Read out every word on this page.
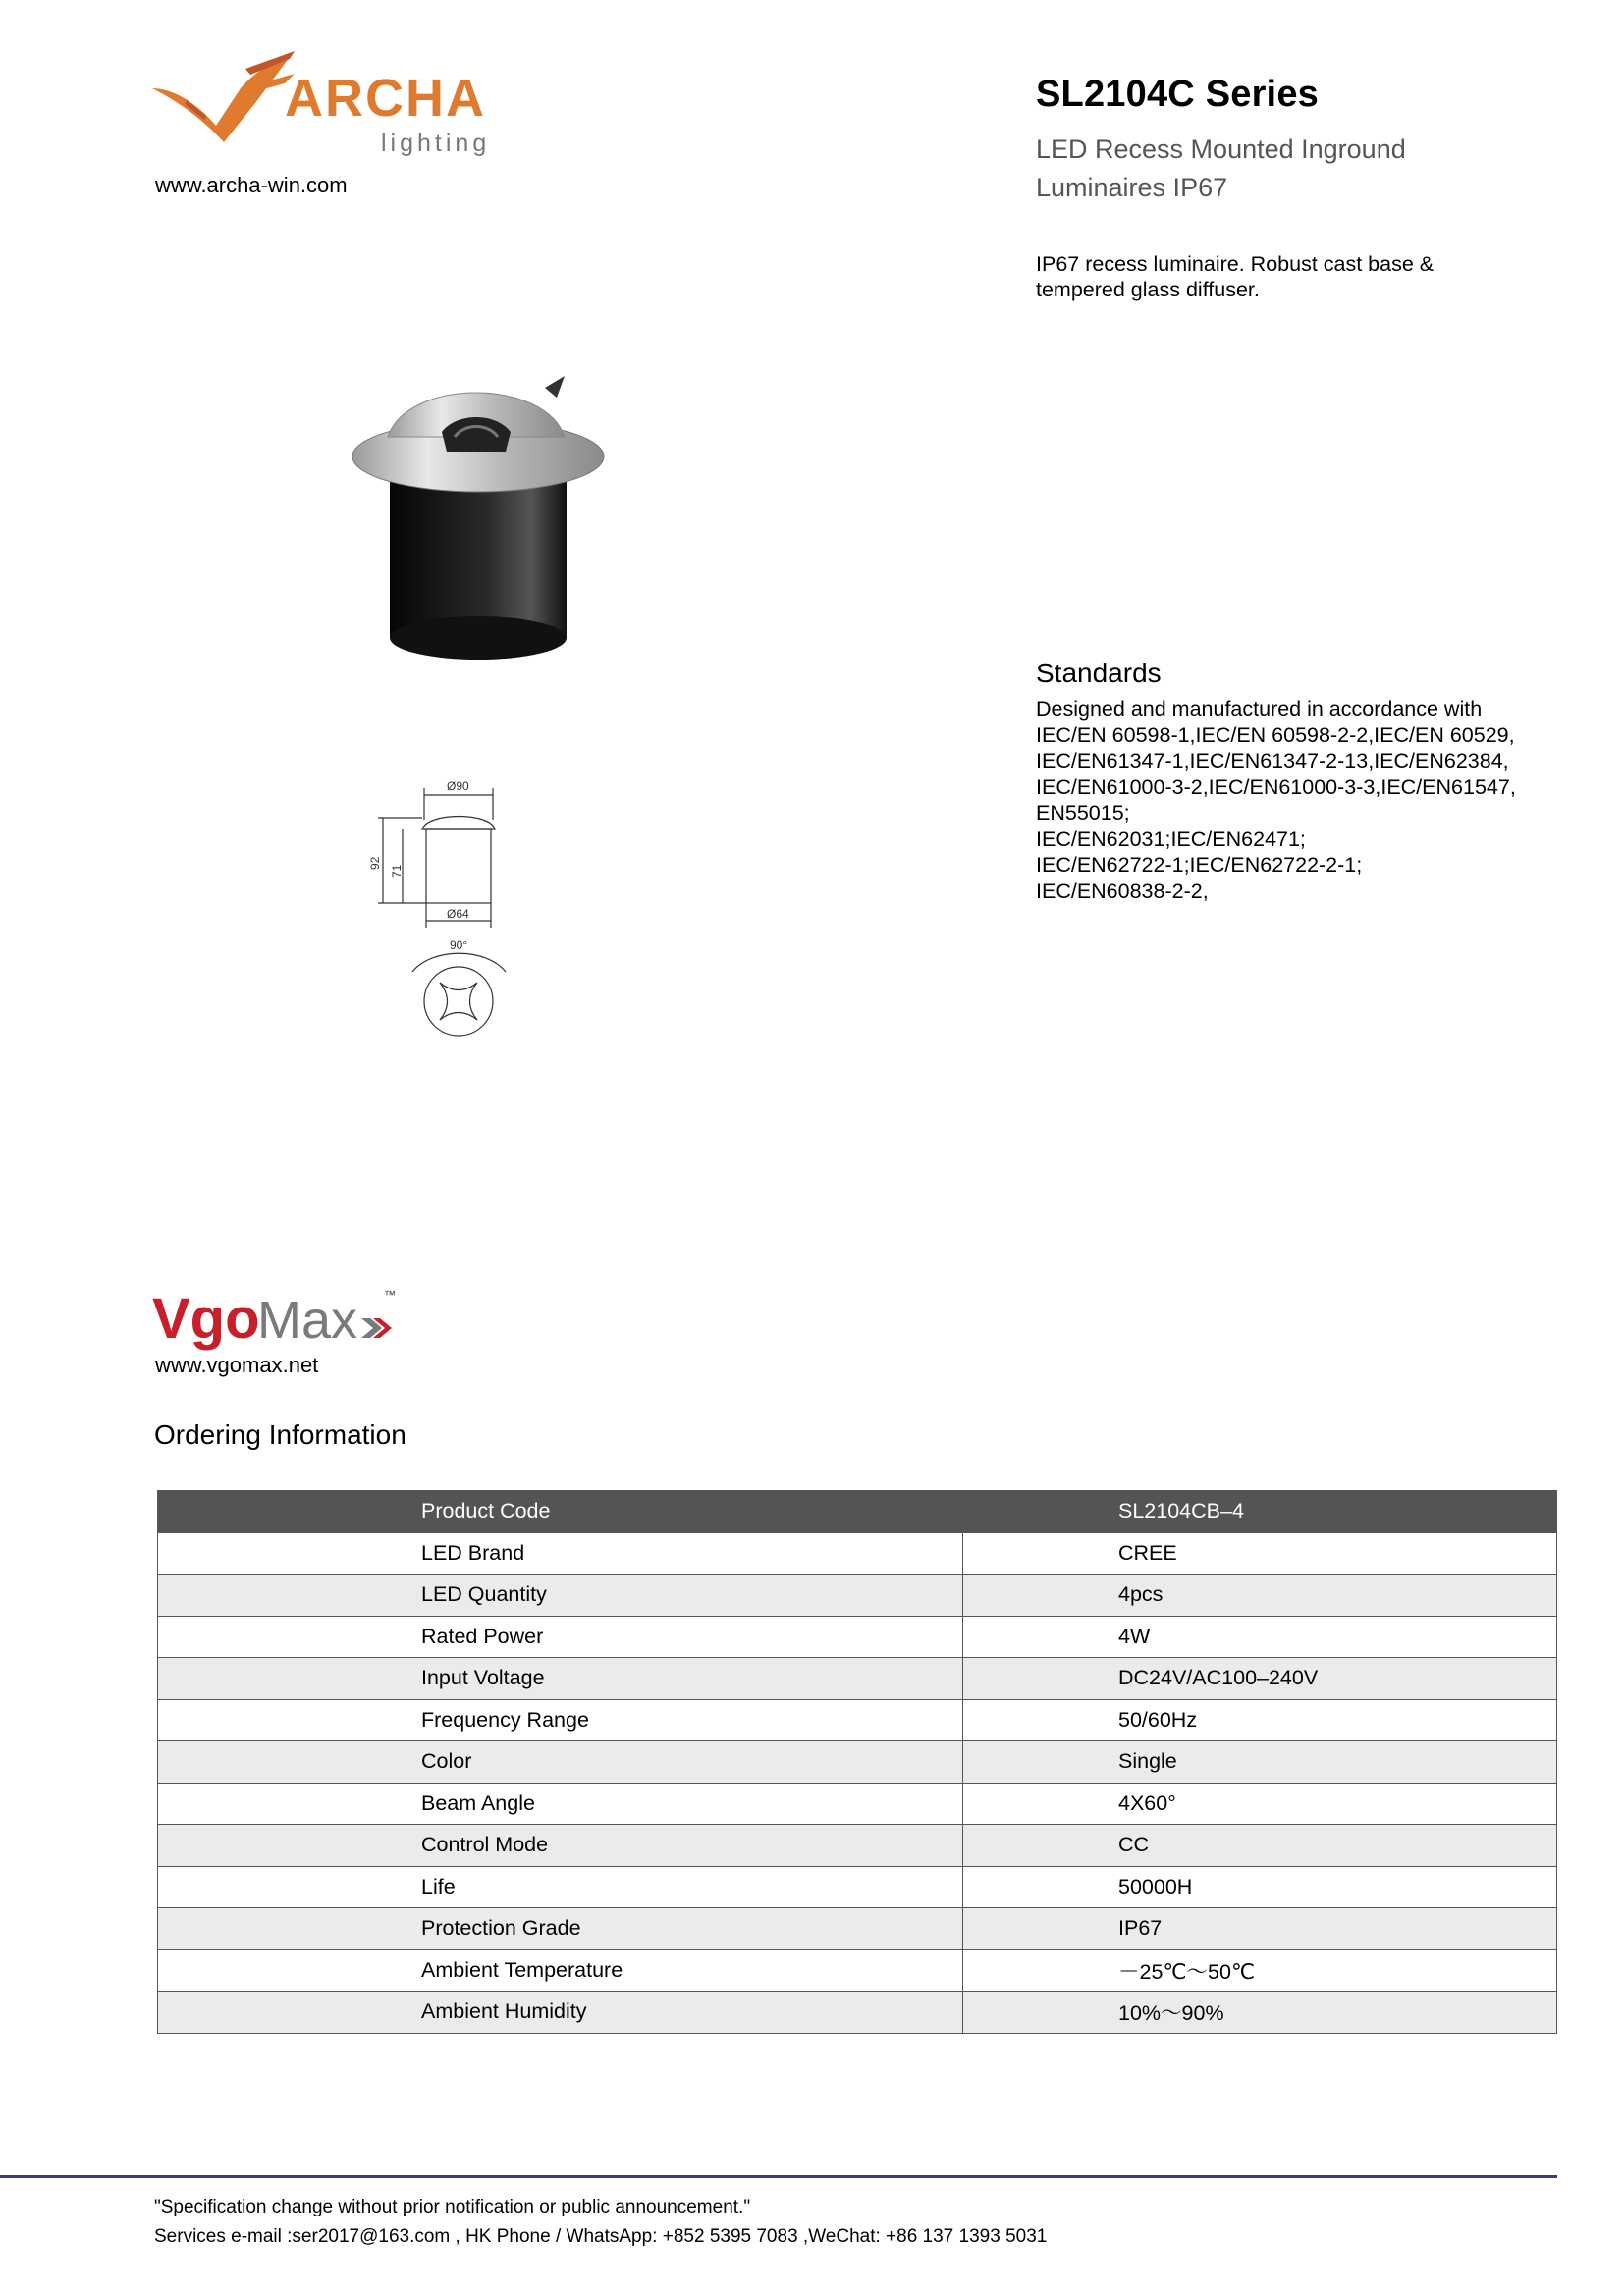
ARCHA
lighting
www.archa-win.com
SL2104C Series
LED Recess Mounted Inground
Luminaires IP67
IP67 recess luminaire. Robust cast base &
tempered glass diffuser.
Ø90
92
71
Ø64
90°
Standards
Designed and manufactured in accordance with
IEC/EN 60598-1,IEC/EN 60598-2-2,IEC/EN 60529,
IEC/EN61347-1,IEC/EN61347-2-13,IEC/EN62384,
IEC/EN61000-3-2,IEC/EN61000-3-3,IEC/EN61547,
EN55015;
IEC/EN62031;IEC/EN62471;
IEC/EN62722-1;IEC/EN62722-2-1;
IEC/EN60838-2-2,
Vgo
Max ™
www.vgomax.net
Ordering Information
Product Code	SL2104CB–4
LED Brand	CREE
LED Quantity	4pcs
Rated Power	4W
Input Voltage	DC24V/AC100–240V
Frequency Range	50/60Hz
Color	Single
Beam Angle	4X60°
Control Mode	CC
Life	50000H
Protection Grade	IP67
Ambient Temperature	－25℃～50℃
Ambient Humidity	10%～90%
"Specification change without prior notification or public announcement."
Services e-mail :ser2017@163.com , HK Phone / WhatsApp: +852 5395 7083 ,WeChat: +86 137 1393 5031
